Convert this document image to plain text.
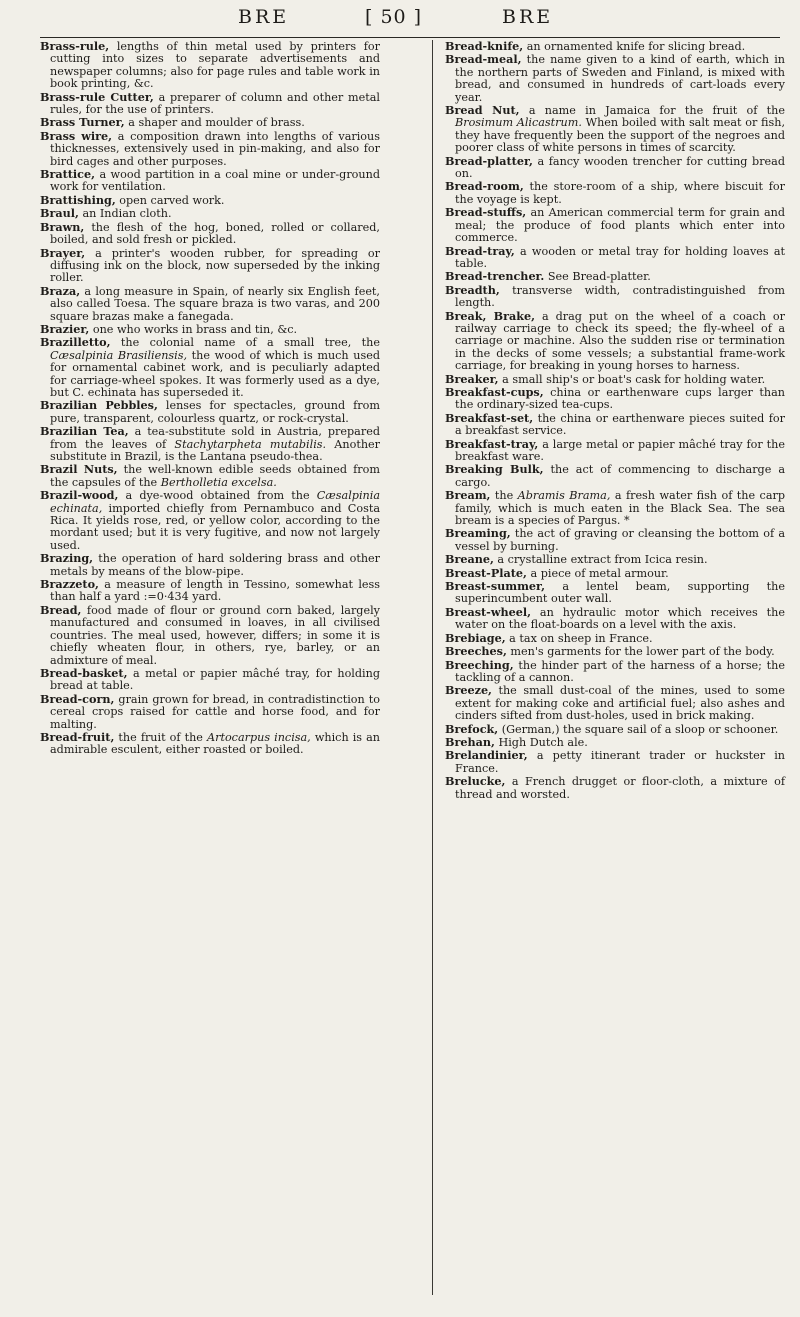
BRE	[ 50 ]	BRE

Brass-rule, lengths of thin metal used by printers for cutting into sizes to separate advertisements and newspaper columns; also for page rules and table work in book printing, &c.

Brass-rule Cutter, a preparer of column and other metal rules, for the use of printers.

Brass Turner, a shaper and moulder of brass.

Brass wire, a composition drawn into lengths of various thicknesses, extensively used in pin-making, and also for bird cages and other purposes.

Brattice, a wood partition in a coal mine or under-ground work for ventilation.

Brattishing, open carved work.

Braul, an Indian cloth.

Brawn, the flesh of the hog, boned, rolled or collared, boiled, and sold fresh or pickled.

Brayer, a printer's wooden rubber, for spreading or diffusing ink on the block, now superseded by the inking roller.

Braza, a long measure in Spain, of nearly six English feet, also called Toesa. The square braza is two varas, and 200 square brazas make a fanegada.

Brazier, one who works in brass and tin, &c.

Brazilletto, the colonial name of a small tree, the Cæsalpinia Brasiliensis, the wood of which is much used for ornamental cabinet work, and is peculiarly adapted for carriage-wheel spokes. It was formerly used as a dye, but C. echinata has superseded it.

Brazilian Pebbles, lenses for spectacles, ground from pure, transparent, colourless quartz, or rock-crystal.

Brazilian Tea, a tea-substitute sold in Austria, prepared from the leaves of Stachytarpheta mutabilis. Another substitute in Brazil, is the Lantana pseudo-thea.

Brazil Nuts, the well-known edible seeds obtained from the capsules of the Bertholletia excelsa.

Brazil-wood, a dye-wood obtained from the Cæsalpinia echinata, imported chiefly from Pernambuco and Costa Rica. It yields rose, red, or yellow color, according to the mordant used; but it is very fugitive, and now not largely used.

Brazing, the operation of hard soldering brass and other metals by means of the blow-pipe.

Brazzeto, a measure of length in Tessino, somewhat less than half a yard :=0·434 yard.

Bread, food made of flour or ground corn baked, largely manufactured and consumed in loaves, in all civilised countries. The meal used, however, differs; in some it is chiefly wheaten flour, in others, rye, barley, or an admixture of meal.

Bread-basket, a metal or papier mâché tray, for holding bread at table.

Bread-corn, grain grown for bread, in contradistinction to cereal crops raised for cattle and horse food, and for malting.

Bread-fruit, the fruit of the Artocarpus incisa, which is an admirable esculent, either roasted or boiled.

Bread-knife, an ornamented knife for slicing bread.

Bread-meal, the name given to a kind of earth, which in the northern parts of Sweden and Finland, is mixed with bread, and consumed in hundreds of cart-loads every year.

Bread Nut, a name in Jamaica for the fruit of the Brosimum Alicastrum. When boiled with salt meat or fish, they have frequently been the support of the negroes and poorer class of white persons in times of scarcity.

Bread-platter, a fancy wooden trencher for cutting bread on.

Bread-room, the store-room of a ship, where biscuit for the voyage is kept.

Bread-stuffs, an American commercial term for grain and meal; the produce of food plants which enter into commerce.

Bread-tray, a wooden or metal tray for holding loaves at table.

Bread-trencher. See Bread-platter.

Breadth, transverse width, contradistinguished from length.

Break, Brake, a drag put on the wheel of a coach or railway carriage to check its speed; the fly-wheel of a carriage or machine. Also the sudden rise or termination in the decks of some vessels; a substantial frame-work carriage, for breaking in young horses to harness.

Breaker, a small ship's or boat's cask for holding water.

Breakfast-cups, china or earthenware cups larger than the ordinary-sized tea-cups.

Breakfast-set, the china or earthenware pieces suited for a breakfast service.

Breakfast-tray, a large metal or papier mâché tray for the breakfast ware.

Breaking Bulk, the act of commencing to discharge a cargo.

Bream, the Abramis Brama, a fresh water fish of the carp family, which is much eaten in the Black Sea. The sea bream is a species of Pargus. *

Breaming, the act of graving or cleansing the bottom of a vessel by burning.

Breane, a crystalline extract from Icica resin.

Breast-Plate, a piece of metal armour.

Breast-summer, a lentel beam, supporting the superincumbent outer wall.

Breast-wheel, an hydraulic motor which receives the water on the float-boards on a level with the axis.

Brebiage, a tax on sheep in France.

Breeches, men's garments for the lower part of the body.

Breeching, the hinder part of the harness of a horse; the tackling of a cannon.

Breeze, the small dust-coal of the mines, used to some extent for making coke and artificial fuel; also ashes and cinders sifted from dust-holes, used in brick making.

Brefock, (German,) the square sail of a sloop or schooner.

Brehan, High Dutch ale.

Brelandinier, a petty itinerant trader or huckster in France.

Brelucke, a French drugget or floor-cloth, a mixture of thread and worsted.
